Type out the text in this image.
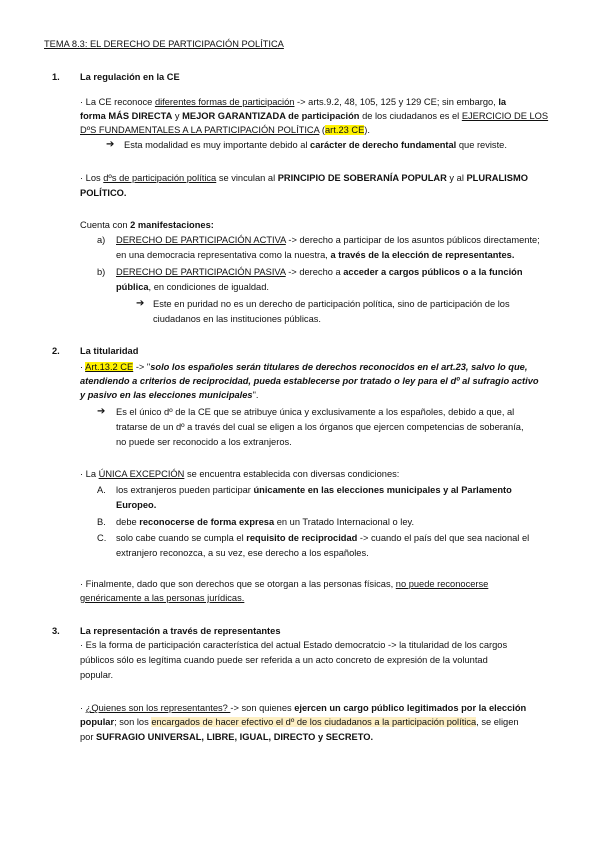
TEMA 8.3: EL DERECHO DE PARTICIPACIÓN POLÍTICA
1. La regulación en la CE
· La CE reconoce diferentes formas de participación -> arts.9.2, 48, 105, 125 y 129 CE; sin embargo, la
forma MÁS DIRECTA y MEJOR GARANTIZADA de participación de los ciudadanos es el EJERCICIO DE LOS
DºS FUNDAMENTALES A LA PARTICIPACIÓN POLÍTICA (art.23 CE).
➔ Esta modalidad es muy importante debido al carácter de derecho fundamental que reviste.
· Los dºs de participación política se vinculan al PRINCIPIO DE SOBERANÍA POPULAR y al PLURALISMO
POLÍTICO.
Cuenta con 2 manifestaciones:
a) DERECHO DE PARTICIPACIÓN ACTIVA -> derecho a participar de los asuntos públicos directamente;
en una democracia representativa como la nuestra, a través de la elección de representantes.
b) DERECHO DE PARTICIPACIÓN PASIVA -> derecho a acceder a cargos públicos o a la función
pública, en condiciones de igualdad.
➔ Este en puridad no es un derecho de participación política, sino de participación de los
ciudadanos en las instituciones públicas.
2. La titularidad
· Art.13.2 CE -> "solo los españoles serán titulares de derechos reconocidos en el art.23, salvo lo que,
atendiendo a criterios de reciprocidad, pueda establecerse por tratado o ley para el dº al sufragio activo
y pasivo en las elecciones municipales".
➔ Es el único dº de la CE que se atribuye única y exclusivamente a los españoles, debido a que, al
tratarse de un dº a través del cual se eligen a los órganos que ejercen competencias de soberanía,
no puede ser reconocido a los extranjeros.
· La ÚNICA EXCEPCIÓN se encuentra establecida con diversas condiciones:
A. los extranjeros pueden participar únicamente en las elecciones municipales y al Parlamento
Europeo.
B. debe reconocerse de forma expresa en un Tratado Internacional o ley.
C. solo cabe cuando se cumpla el requisito de reciprocidad -> cuando el país del que sea nacional el
extranjero reconozca, a su vez, ese derecho a los españoles.
· Finalmente, dado que son derechos que se otorgan a las personas físicas, no puede reconocerse
genéricamente a las personas jurídicas.
3. La representación a través de representantes
· Es la forma de participación característica del actual Estado democratcio -> la titularidad de los cargos
públicos sólo es legítima cuando puede ser referida a un acto concreto de expresión de la voluntad
popular.
· ¿Quienes son los representantes? -> son quienes ejercen un cargo público legitimados por la elección
popular; son los encargados de hacer efectivo el dº de los ciudadanos a la participación política, se eligen
por SUFRAGIO UNIVERSAL, LIBRE, IGUAL, DIRECTO y SECRETO.
